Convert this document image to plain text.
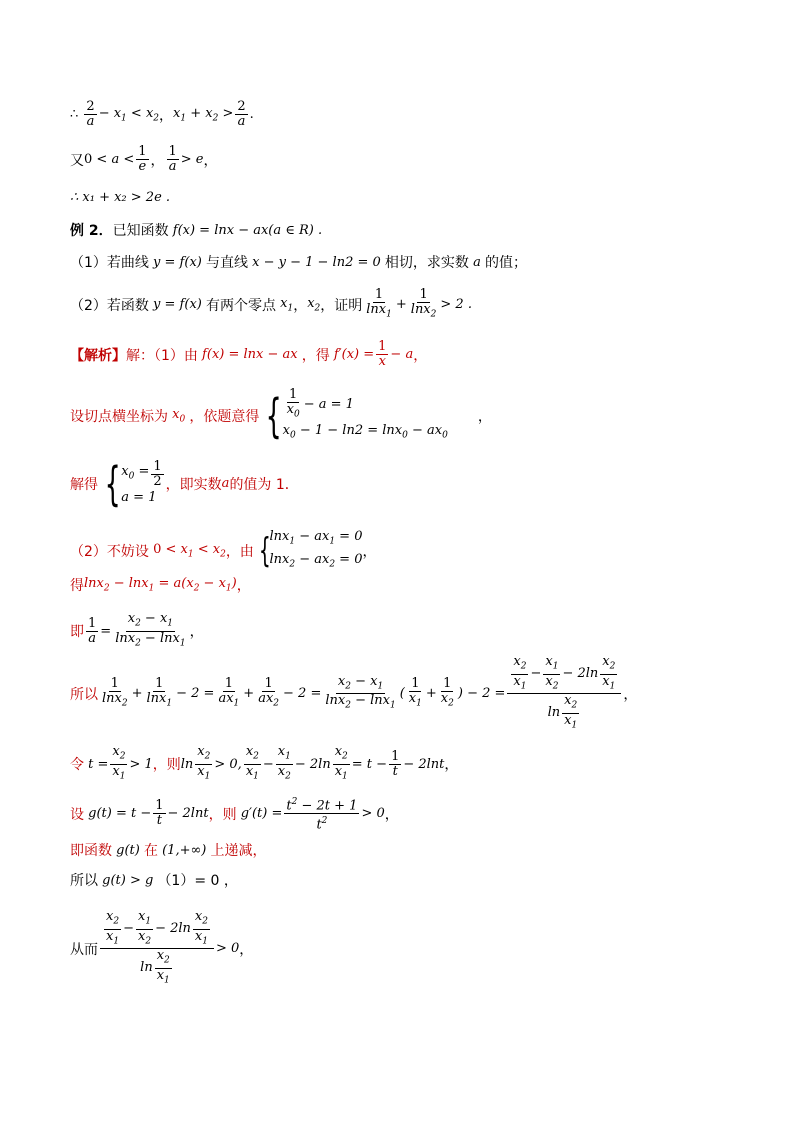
∴ $\frac{2}{a} - x_1 < x_2$ ， $x_1 + x_2 > \frac{2}{a}$ .
又 $0 < a < \frac{1}{e}$ ， $\frac{1}{a} > e$ ，
∴ x₁ + x₂ > 2e .
例 2． 已知函数
f(x) = lnx − ax(a ∈ R) .
（1）若曲线 y = f(x) 与直线
x − y − 1 − ln2 = 0
相切，求实数
a
的值；
（2）若函数 y = f(x) 有两个零点 $x_1$ ， $x_2$ ，证明 $\frac{1}{\ln x_1} + \frac{1}{\ln x_2} > 2$ .
【解析】 解：（1）由 f(x) = lnx − ax ，得 $f'(x) = \frac{1}{x} - a$ ，
设切点横坐标为 $x_0$ ，依题意得 { $\frac{1}{x_0} - a = 1$
$x_0 - 1 - \ln 2 = \ln x_0 - ax_0$
，
解得 { $x_0 = \frac{1}{2}$
a = 1
，即实数 a 的值为 1．
（2）不妨设 $0 < x_1 < x_2$ ，由 {
$\ln x_1 - ax_1 = 0$
$\ln x_2 - ax_2 = 0$ ，
得 $\ln x_2 - \ln x_1 = a(x_2 - x_1)$ ，
即 $\frac{1}{a} = \frac{x_2 - x_1}{\ln x_2 - \ln x_1}$ ，
所以 $\frac{1}{\ln x_2} + \frac{1}{\ln x_1} - 2 = \frac{1}{ax_1} + \frac{1}{ax_2} - 2 = \frac{x_2 - x_1}{\ln x_2 - \ln x_1}$ ( $\frac{1}{x_1} + \frac{1}{x_2}$ ) − $2 = \frac{\frac{x_2}{x_1} - \frac{x_1}{x_2} - 2\ln \frac{x_2}{x_1}}{\ln \frac{x_2}{x_1}}$ ，
令 $t = \frac{x_2}{x_1} > 1$ ，则 $\ln \frac{x_2}{x_1} > 0$, $\frac{x_2}{x_1} - \frac{x_1}{x_2} - 2\ln \frac{x_2}{x_1} = t - \frac{1}{t} - 2\ln t$ ，
设 $g(t) = t - \frac{1}{t} - 2\ln t$ ，则 $g'(t) = \frac{t^2 - 2t + 1}{t^2} > 0$ ，
即函数 g(t) 在 (1,+∞) 上递减，
所以 g(t) > g （1）= 0 ，
从而 $\frac{\frac{x_2}{x_1} - \frac{x_1}{x_2} - 2\ln \frac{x_2}{x_1}}{\ln \frac{x_2}{x_1}} > 0$ ，
